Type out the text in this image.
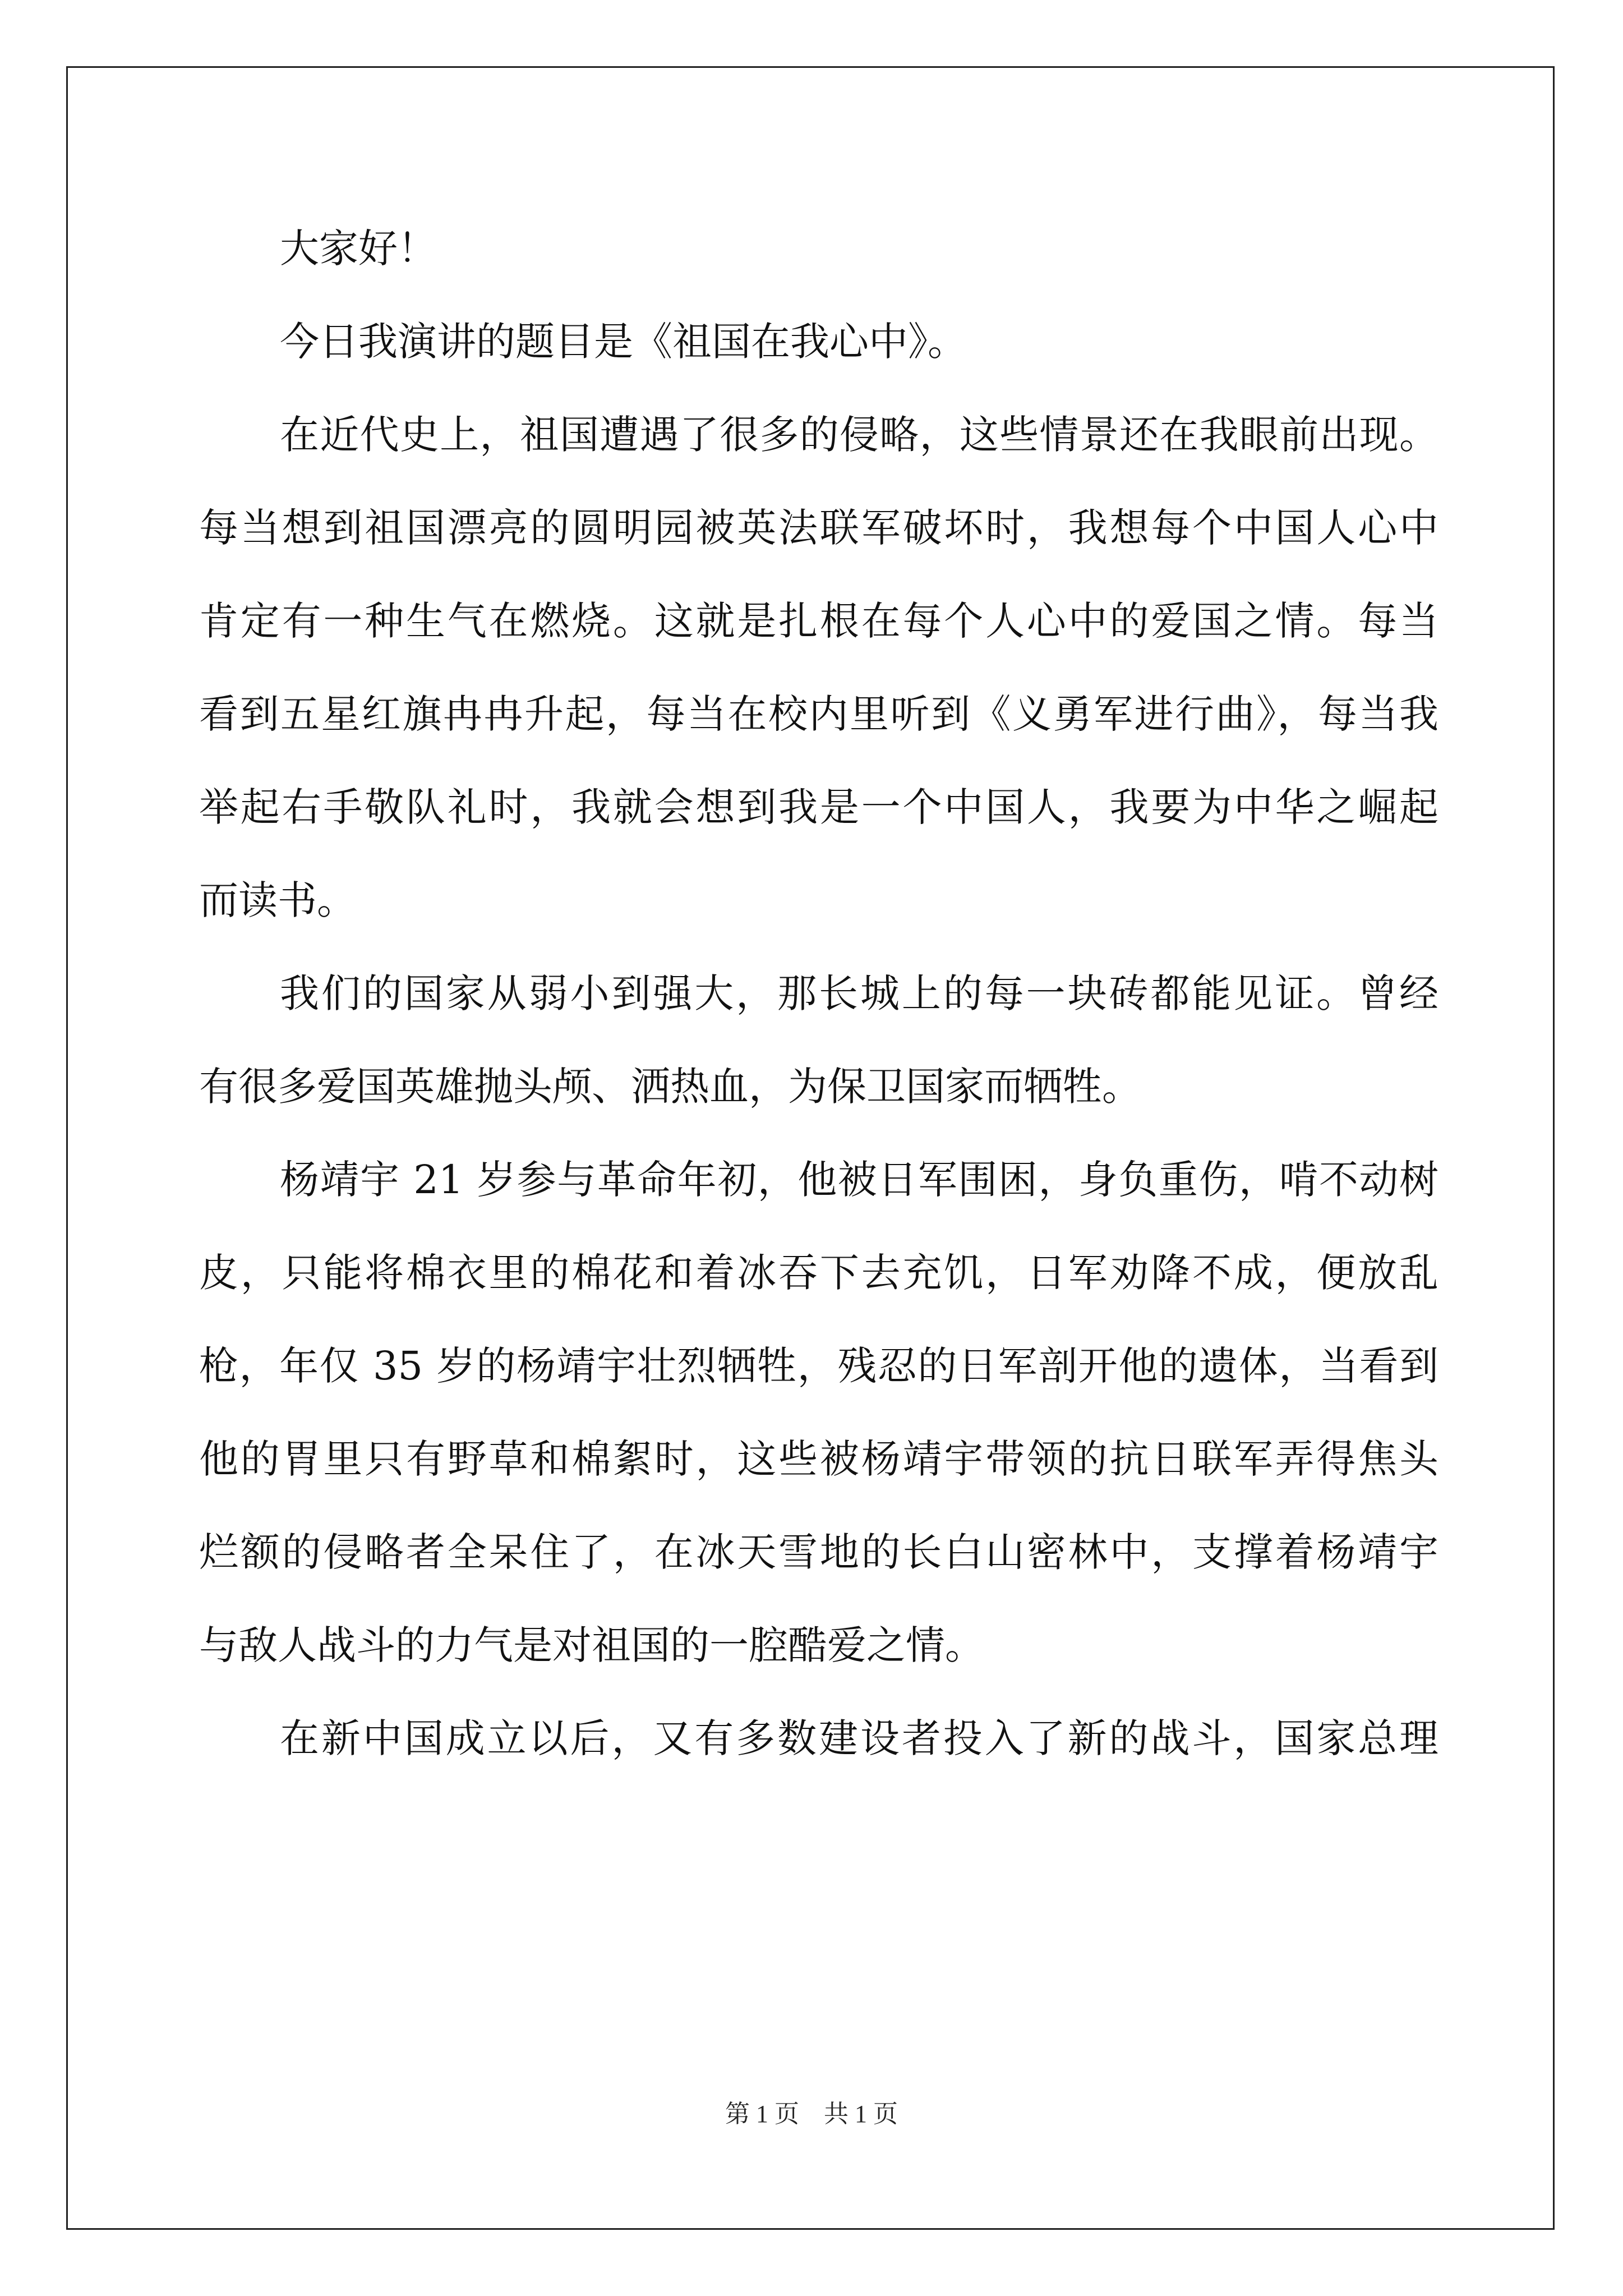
大家好！
今日我演讲的题目是《祖国在我心中》。
在近代史上，祖国遭遇了很多的侵略，这些情景还在我眼前出现。
每当想到祖国漂亮的圆明园被英法联军破坏时，我想每个中国人心中
肯定有一种生气在燃烧。这就是扎根在每个人心中的爱国之情。每当
看到五星红旗冉冉升起，每当在校内里听到《义勇军进行曲》，每当我
举起右手敬队礼时，我就会想到我是一个中国人，我要为中华之崛起
而读书。
我们的国家从弱小到强大，那长城上的每一块砖都能见证。曾经
有很多爱国英雄抛头颅、洒热血，为保卫国家而牺牲。
杨靖宇 21 岁参与革命年初，他被日军围困，身负重伤，啃不动树
皮，只能将棉衣里的棉花和着冰吞下去充饥，日军劝降不成，便放乱
枪，年仅 35 岁的杨靖宇壮烈牺牲，残忍的日军剖开他的遗体，当看到
他的胃里只有野草和棉絮时，这些被杨靖宇带领的抗日联军弄得焦头
烂额的侵略者全呆住了，在冰天雪地的长白山密林中，支撑着杨靖宇
与敌人战斗的力气是对祖国的一腔酷爱之情。
在新中国成立以后，又有多数建设者投入了新的战斗，国家总理
第 1 页　共 1 页
